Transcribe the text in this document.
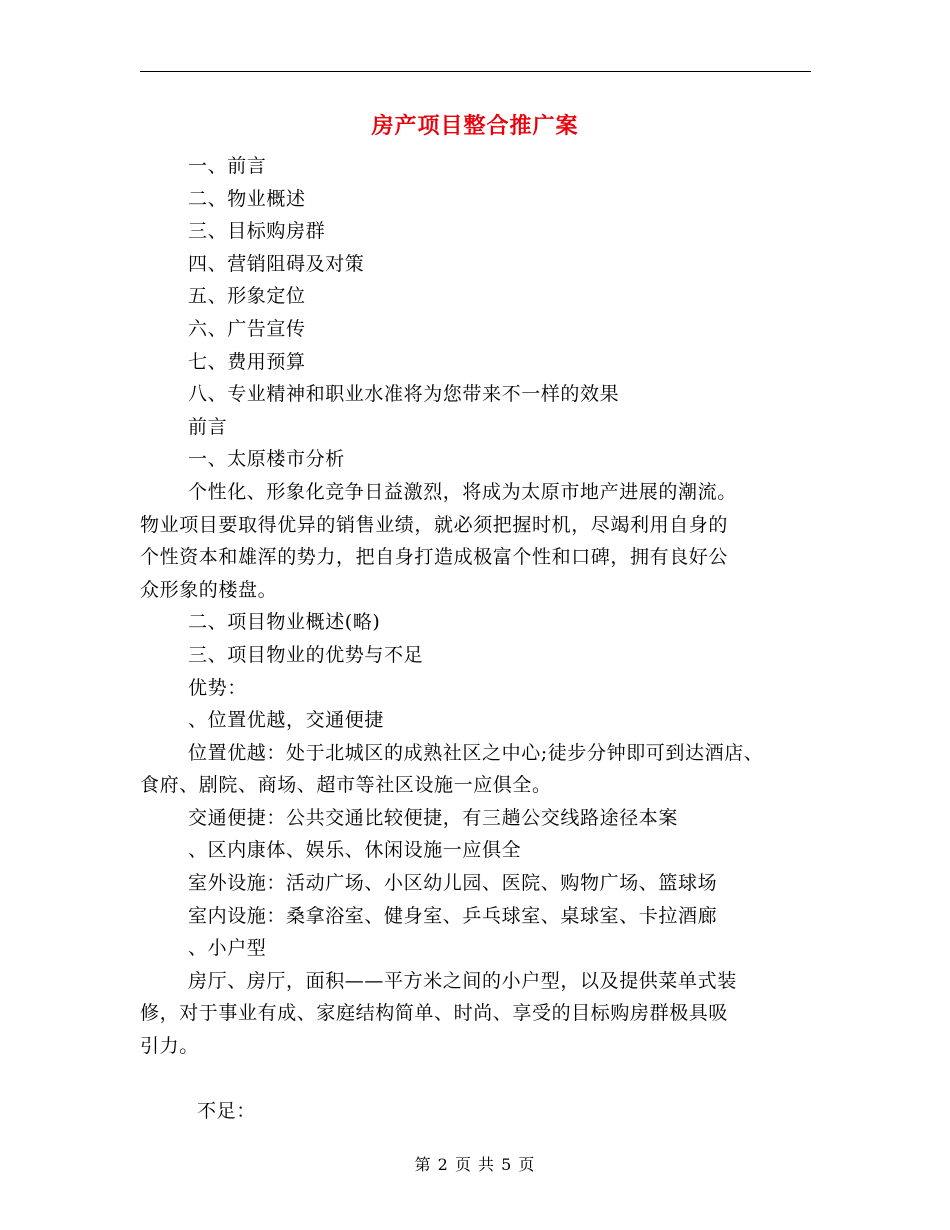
房产项目整合推广案
一、前言
二、物业概述
三、目标购房群
四、营销阻碍及对策
五、形象定位
六、广告宣传
七、费用预算
八、专业精神和职业水准将为您带来不一样的效果
前言
一、太原楼市分析
个性化、形象化竞争日益激烈，将成为太原市地产进展的潮流。
物业项目要取得优异的销售业绩，就必须把握时机，尽竭利用自身的
个性资本和雄浑的势力，把自身打造成极富个性和口碑，拥有良好公
众形象的楼盘。
二、项目物业概述(略)
三、项目物业的优势与不足
优势：
、位置优越，交通便捷
位置优越：处于北城区的成熟社区之中心;徒步分钟即可到达酒店、
食府、剧院、商场、超市等社区设施一应俱全。
交通便捷：公共交通比较便捷，有三趟公交线路途径本案
、区内康体、娱乐、休闲设施一应俱全
室外设施：活动广场、小区幼儿园、医院、购物广场、篮球场
室内设施：桑拿浴室、健身室、乒乓球室、桌球室、卡拉酒廊
、小户型
房厅、房厅，面积——平方米之间的小户型，以及提供菜单式装
修，对于事业有成、家庭结构简单、时尚、享受的目标购房群极具吸
引力。
不足：
第 2 页 共 5 页
